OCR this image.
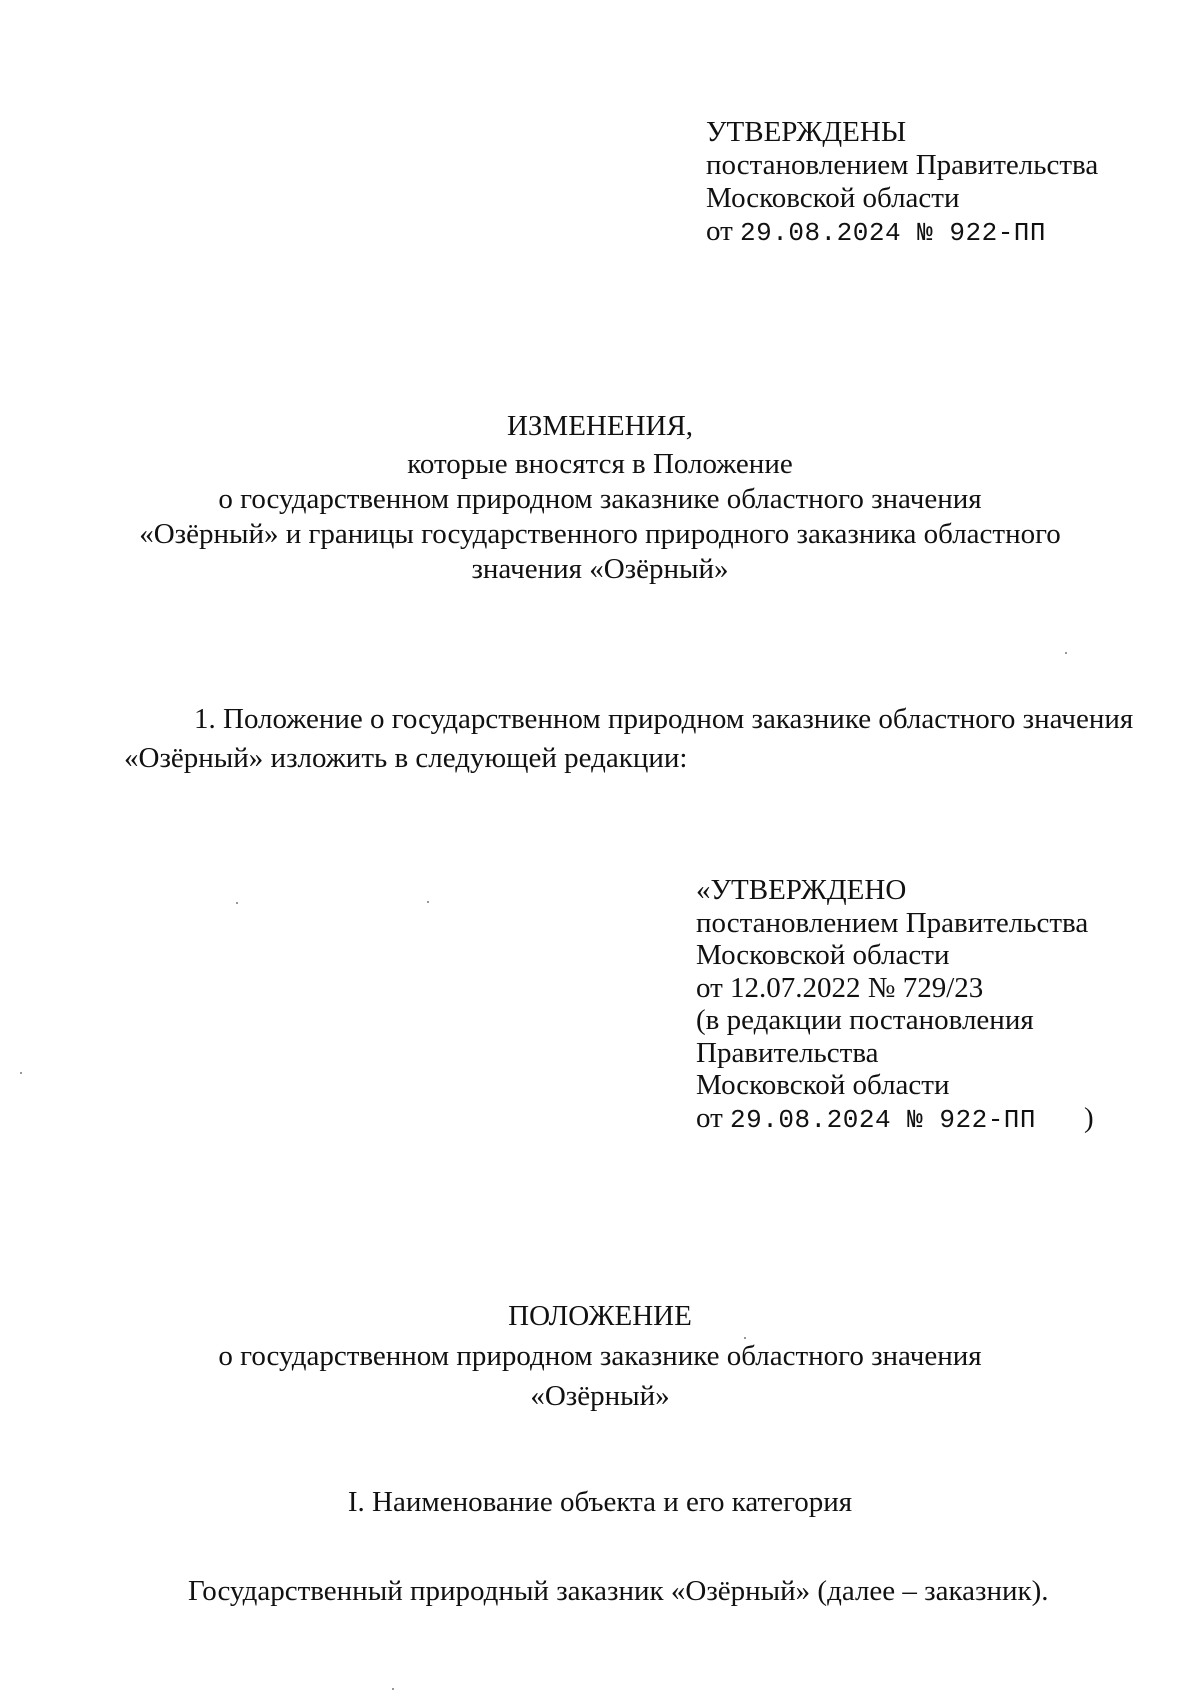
УТВЕРЖДЕНЫ
постановлением Правительства
Московской области
от 29.08.2024 № 922-ПП
ИЗМЕНЕНИЯ,
которые вносятся в Положение
о государственном природном заказнике областного значения
«Озёрный» и границы государственного природного заказника областного
значения «Озёрный»
1. Положение о государственном природном заказнике областного значения
«Озёрный» изложить в следующей редакции:
«УТВЕРЖДЕНО
постановлением Правительства
Московской области
от 12.07.2022 № 729/23
(в редакции постановления
Правительства
Московской области
от 29.08.2024 № 922-ПП )
ПОЛОЖЕНИЕ
о государственном природном заказнике областного значения
«Озёрный»
I. Наименование объекта и его категория
Государственный природный заказник «Озёрный» (далее – заказник).
